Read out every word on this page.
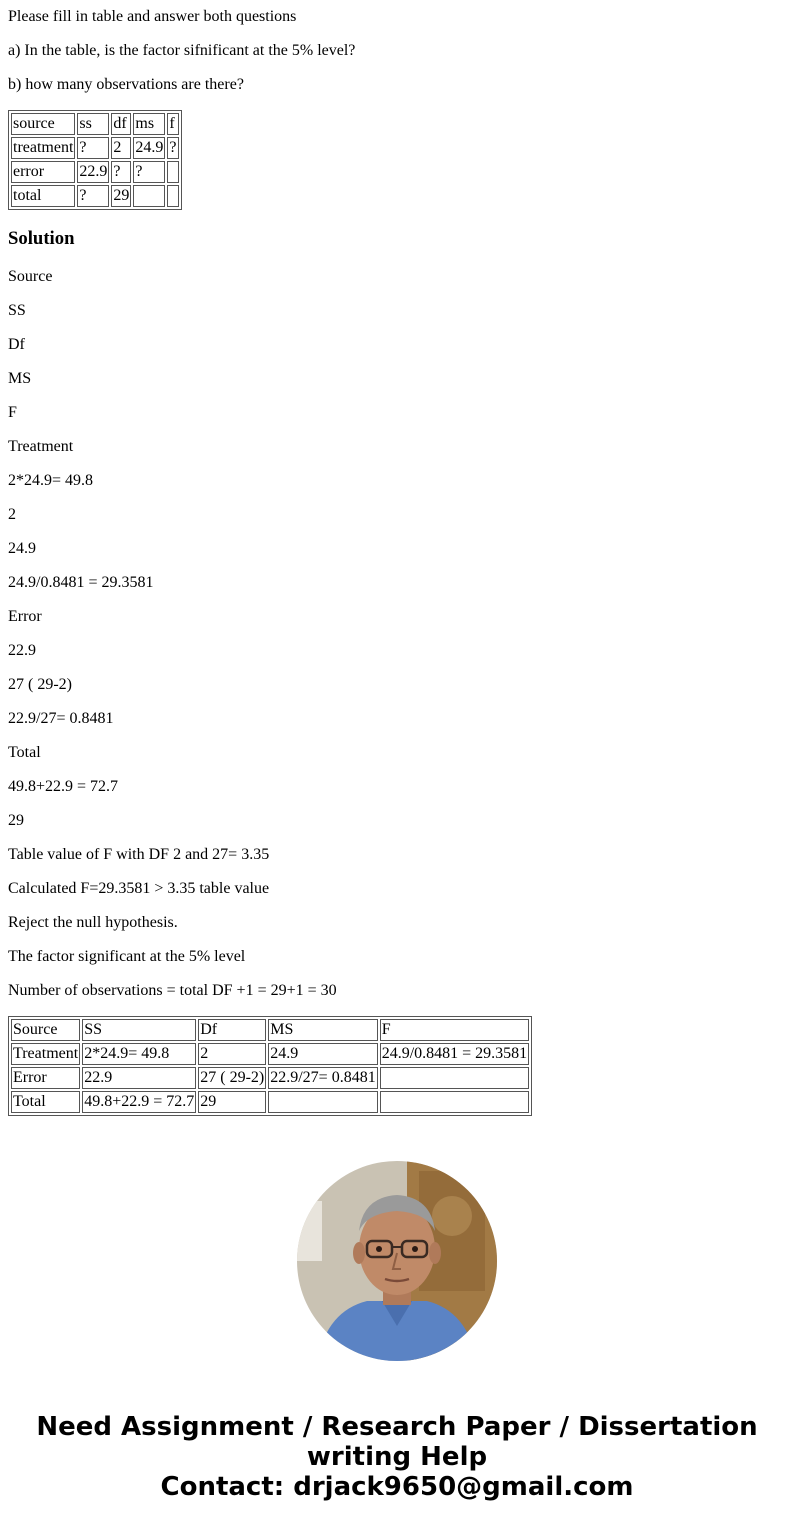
Please fill in table and answer both questions

a) In the table, is the factor sifnificant at the 5% level?

b) how many observations are there?

source	ss	df	ms	f
treatment	?	2	24.9	?
error	22.9	?	?	
total	?	29		
Solution

Source

SS

Df

MS

F

Treatment

2*24.9= 49.8

2

24.9

24.9/0.8481 = 29.3581

Error

22.9

27 ( 29-2)

22.9/27= 0.8481

Total

49.8+22.9 = 72.7

29

Table value of F with DF 2 and 27= 3.35

Calculated F=29.3581 > 3.35 table value

Reject the null hypothesis.

The factor significant at the 5% level

Number of observations = total DF +1 = 29+1 = 30

Source	SS	Df	MS	F
Treatment	2*24.9= 49.8	2	24.9	24.9/0.8481 = 29.3581
Error	22.9	27 ( 29-2)	22.9/27= 0.8481	
Total	49.8+22.9 = 72.7	29		
Need Assignment / Research Paper / Dissertation
writing Help
Contact: drjack9650@gmail.com
